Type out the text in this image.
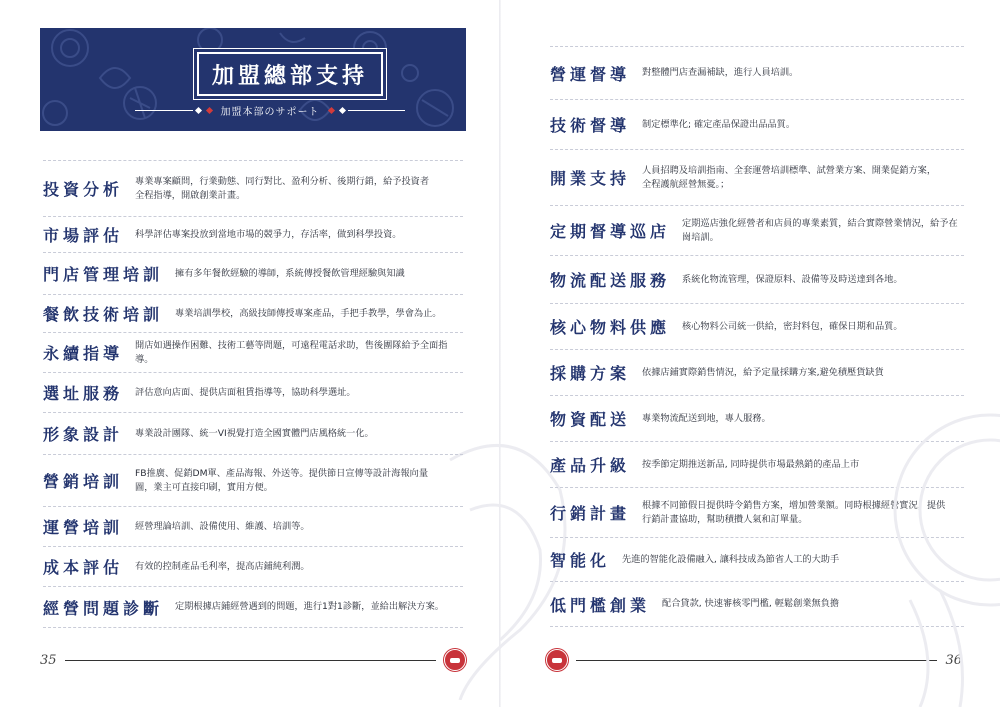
加盟總部支持
加盟本部のサポート
投資分析	專業專案顧問，行業動態、同行對比、盈利分析、後期行銷，給予投資者全程指導，開啟創業計畫。
市場評估	科學評估專案投放到當地市場的競爭力，存活率，做到科學投資。
門店管理培訓	擁有多年餐飲經驗的導師，系統傳授餐飲管理經驗與知識
餐飲技術培訓	專業培訓學校，高級技師傳授專案產品，手把手教學，學會為止。
永續指導	開店如遇操作困難、技術工藝等問題，可遠程電話求助，售後團隊給予全面指導。
選址服務	評估意向店面、提供店面租賃指導等，協助科學選址。
形象設計	專業設計團隊、統一VI視覺打造全國實體門店風格統一化。
營銷培訓	FB推廣、促銷DM單、產品海報、外送等。提供節日宣傳等設計海報向量圖，業主可直接印刷，實用方便。
運營培訓	經營理論培訓、設備使用、維護、培訓等。
成本評估	有效的控制產品毛利率，提高店鋪純利潤。
經營問題診斷	定期根據店鋪經營遇到的問題，進行1對1診斷，並給出解決方案。
35
營運督導	對整體門店查漏補缺，進行人員培訓。
技術督導	制定標準化; 確定產品保證出品品質。
開業支持	人員招聘及培訓指南、全套運營培訓標準、試營業方案、開業促銷方案，全程護航經營無憂。；
定期督導巡店	定期巡店強化經營者和店員的專業素質，結合實際營業情況，給予在崗培訓。
物流配送服務	系統化物流管理，保證原料、設備等及時送達到各地。
核心物料供應	核心物料公司統一供給，密封料包，確保日期和品質。
採購方案	依據店鋪實際銷售情況，給予定量採購方案,避免積壓貨缺貨
物資配送	專業物流配送到地，專人服務。
產品升級	按季節定期推送新品, 同時提供市場最熱銷的產品上市
行銷計畫	根據不同節假日提供時令銷售方案，增加營業額。同時根據經營實況，提供行銷計畫協助，幫助積攢人氣和訂單量。
智能化	先進的智能化設備融入, 讓科技成為節省人工的大助手
低門檻創業	配合貸款, 快速審核零門檻, 輕鬆創業無負擔
36
